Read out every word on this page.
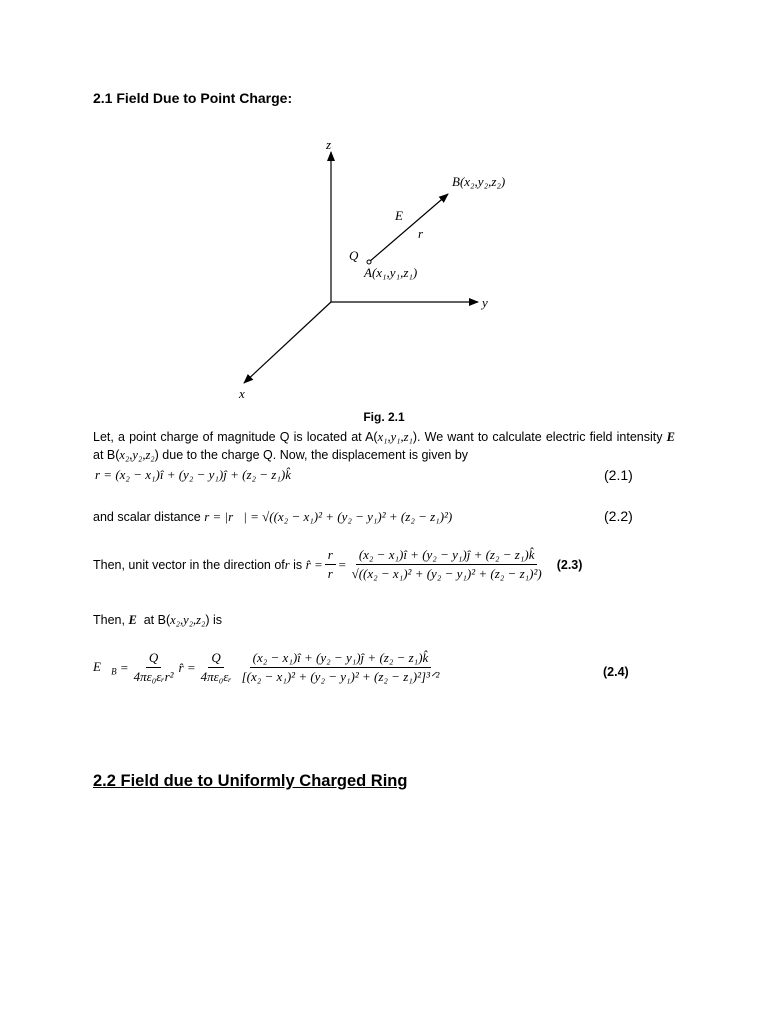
2.1 Field Due to Point Charge:
z
y
x
B(x₂,y₂,z₂)
E
r
Q
A(x₁,y₁,z₁)
Fig. 2.1
Let, a point charge of magnitude Q is located at A(x₁,y₁,z₁). We want to calculate electric field intensity E at B(x₂,y₂,z₂) due to the charge Q. Now, the displacement is given by
r = (x₂ − x₁)î + (y₂ − y₁)ĵ + (z₂ − z₁)k̂	(2.1)
and scalar distance r = |r⃗| = √((x₂ − x₁)² + (y₂ − y₁)² + (z₂ − z₁)²)	(2.2)
Then, unit vector in the direction of r is r̂ = $\frac{r}{r} = \frac{\text{(x₂ − x₁)î + (y₂ − y₁)ĵ + (z₂ − z₁)k̂}}{\text{√((x₂ − x₁)² + (y₂ − y₁)² + (z₂ − z₁)²)}} (2.3)$
Then, E  at B(x₂,y₂,z₂) is
$E⃗_B = \frac{Q}{\text{4πε₀εᵣr²}}$ r̂ = $\frac{Q}{\text{4πε₀εᵣ}} \frac{\text{(x₂ − x₁)î + (y₂ − y₁)ĵ + (z₂ − z₁)k̂}}{\text{[(x₂ − x₁)² + (y₂ − y₁)² + (z₂ − z₁)²]³ᐟ²}}$	(2.4)
2.2 Field due to Uniformly Charged Ring
